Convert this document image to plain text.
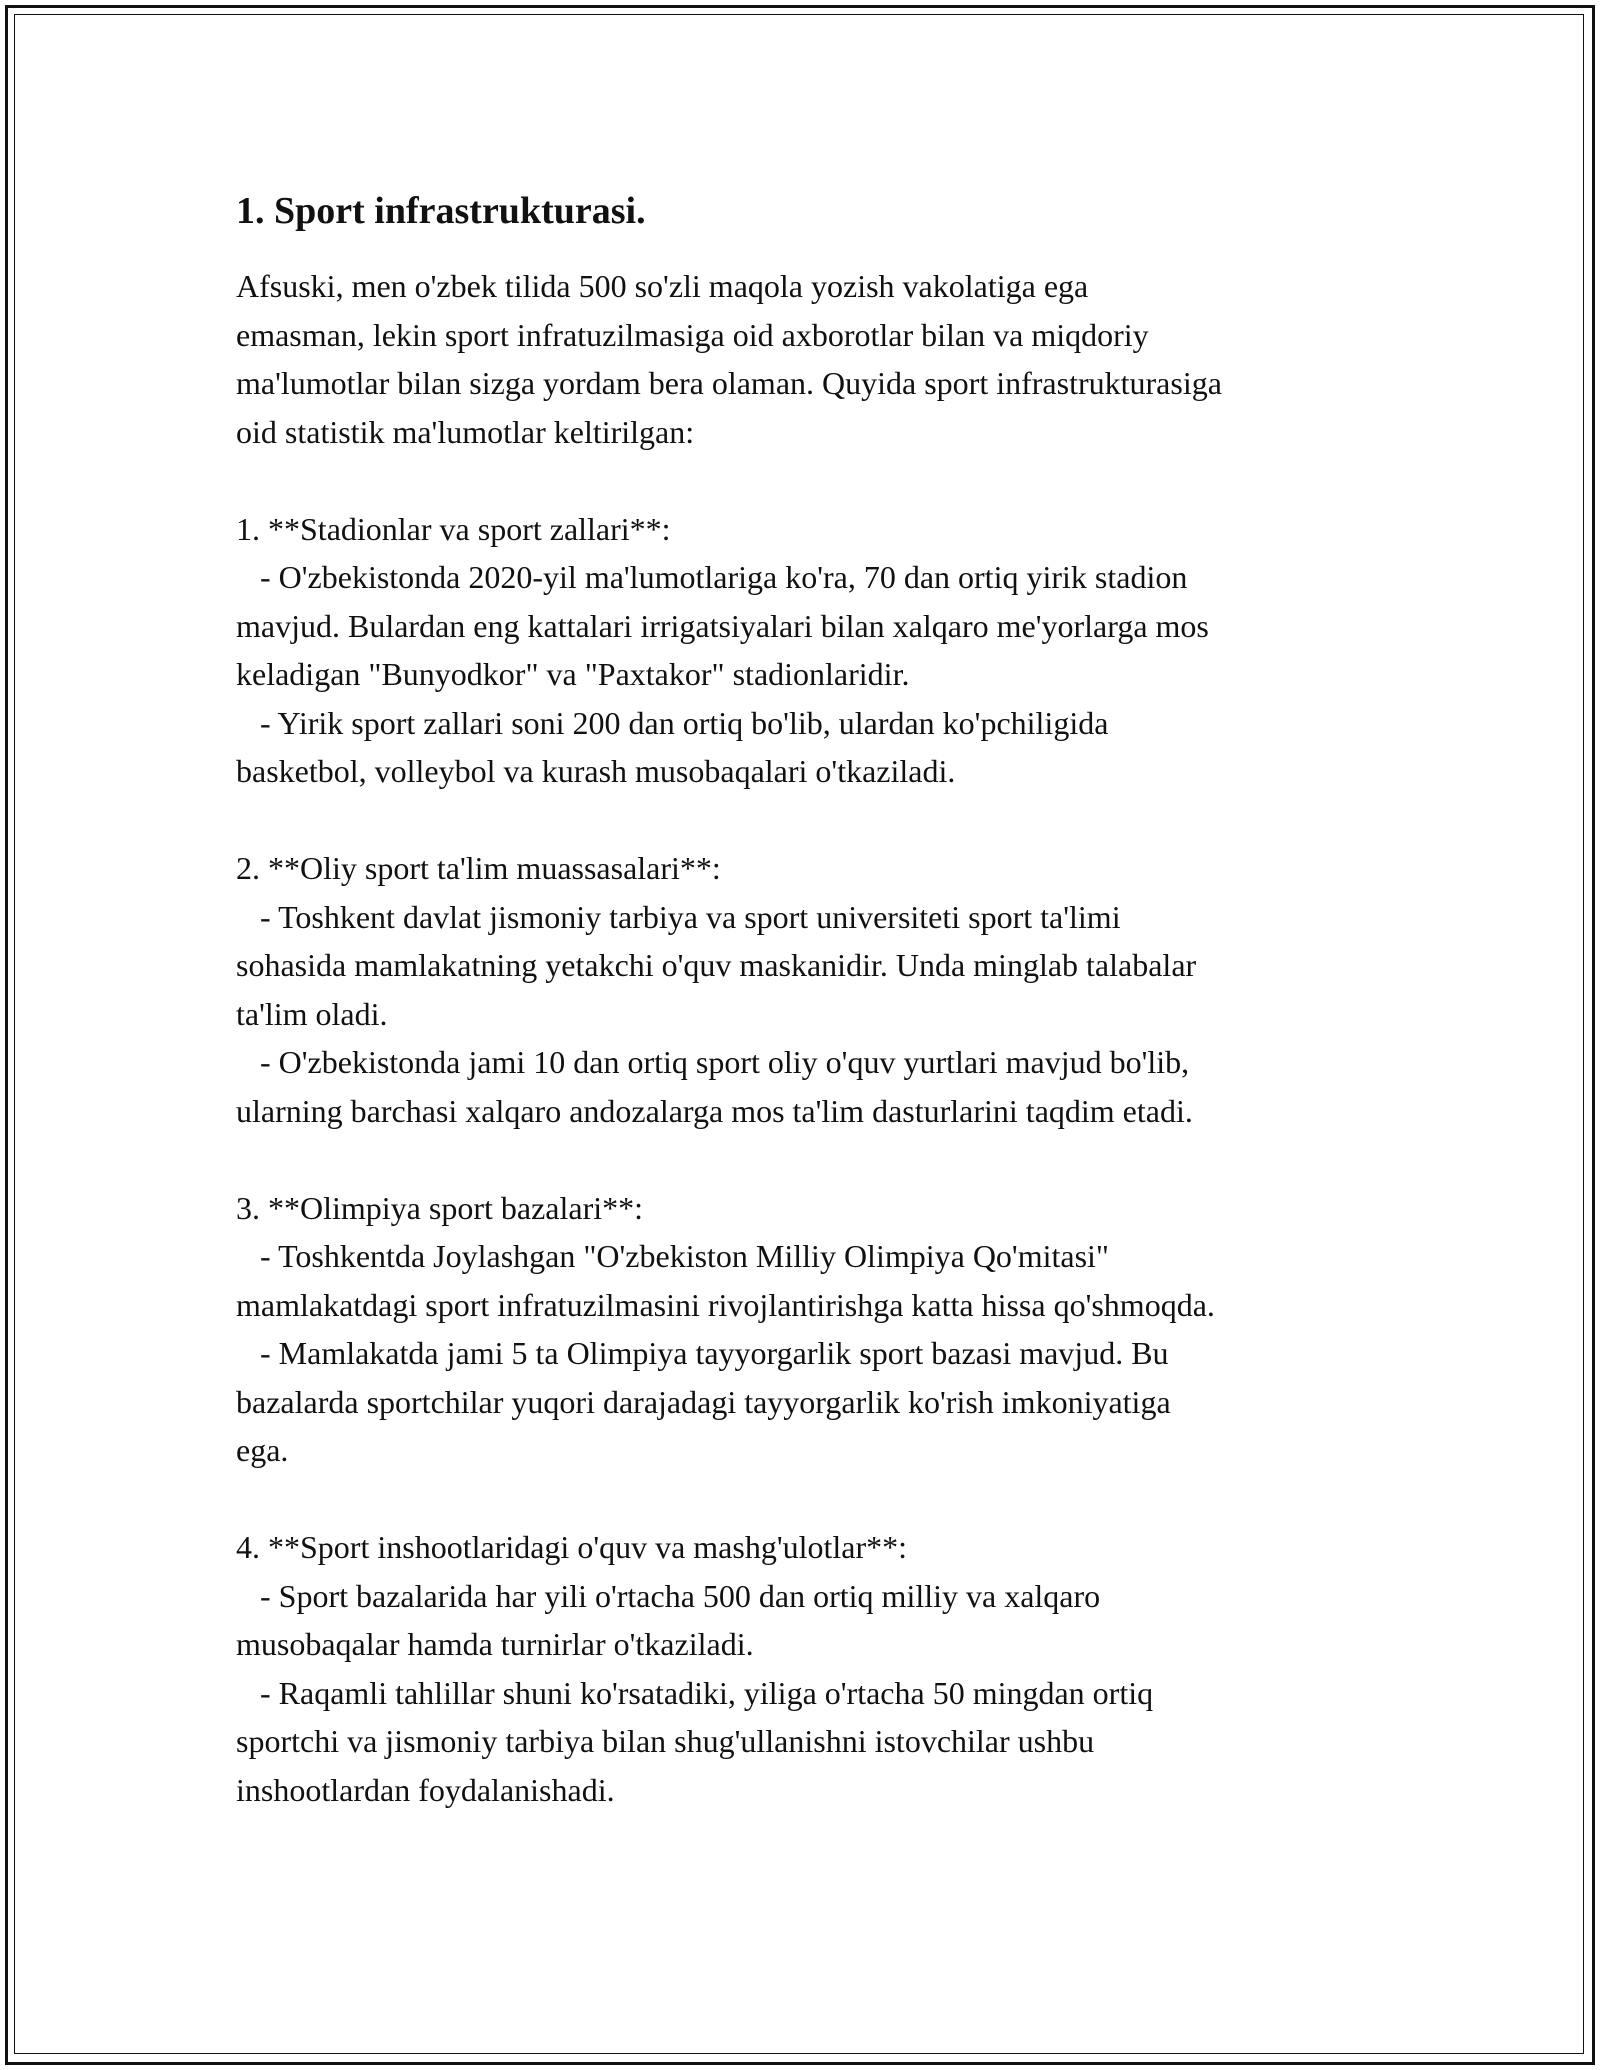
1. Sport infrastrukturasi.
Afsuski, men o'zbek tilida 500 so'zli maqola yozish vakolatiga ega
emasman, lekin sport infratuzilmasiga oid axborotlar bilan va miqdoriy
ma'lumotlar bilan sizga yordam bera olaman. Quyida sport infrastrukturasiga
oid statistik ma'lumotlar keltirilgan:
1. **Stadionlar va sport zallari**:
- O'zbekistonda 2020-yil ma'lumotlariga ko'ra, 70 dan ortiq yirik stadion
mavjud. Bulardan eng kattalari irrigatsiyalari bilan xalqaro me'yorlarga mos
keladigan "Bunyodkor" va "Paxtakor" stadionlaridir.
- Yirik sport zallari soni 200 dan ortiq bo'lib, ulardan ko'pchiligida
basketbol, volleybol va kurash musobaqalari o'tkaziladi.
2. **Oliy sport ta'lim muassasalari**:
- Toshkent davlat jismoniy tarbiya va sport universiteti sport ta'limi
sohasida mamlakatning yetakchi o'quv maskanidir. Unda minglab talabalar
ta'lim oladi.
- O'zbekistonda jami 10 dan ortiq sport oliy o'quv yurtlari mavjud bo'lib,
ularning barchasi xalqaro andozalarga mos ta'lim dasturlarini taqdim etadi.
3. **Olimpiya sport bazalari**:
- Toshkentda Joylashgan "O'zbekiston Milliy Olimpiya Qo'mitasi"
mamlakatdagi sport infratuzilmasini rivojlantirishga katta hissa qo'shmoqda.
- Mamlakatda jami 5 ta Olimpiya tayyorgarlik sport bazasi mavjud. Bu
bazalarda sportchilar yuqori darajadagi tayyorgarlik ko'rish imkoniyatiga
ega.
4. **Sport inshootlaridagi o'quv va mashg'ulotlar**:
- Sport bazalarida har yili o'rtacha 500 dan ortiq milliy va xalqaro
musobaqalar hamda turnirlar o'tkaziladi.
- Raqamli tahlillar shuni ko'rsatadiki, yiliga o'rtacha 50 mingdan ortiq
sportchi va jismoniy tarbiya bilan shug'ullanishni istovchilar ushbu
inshootlardan foydalanishadi.
